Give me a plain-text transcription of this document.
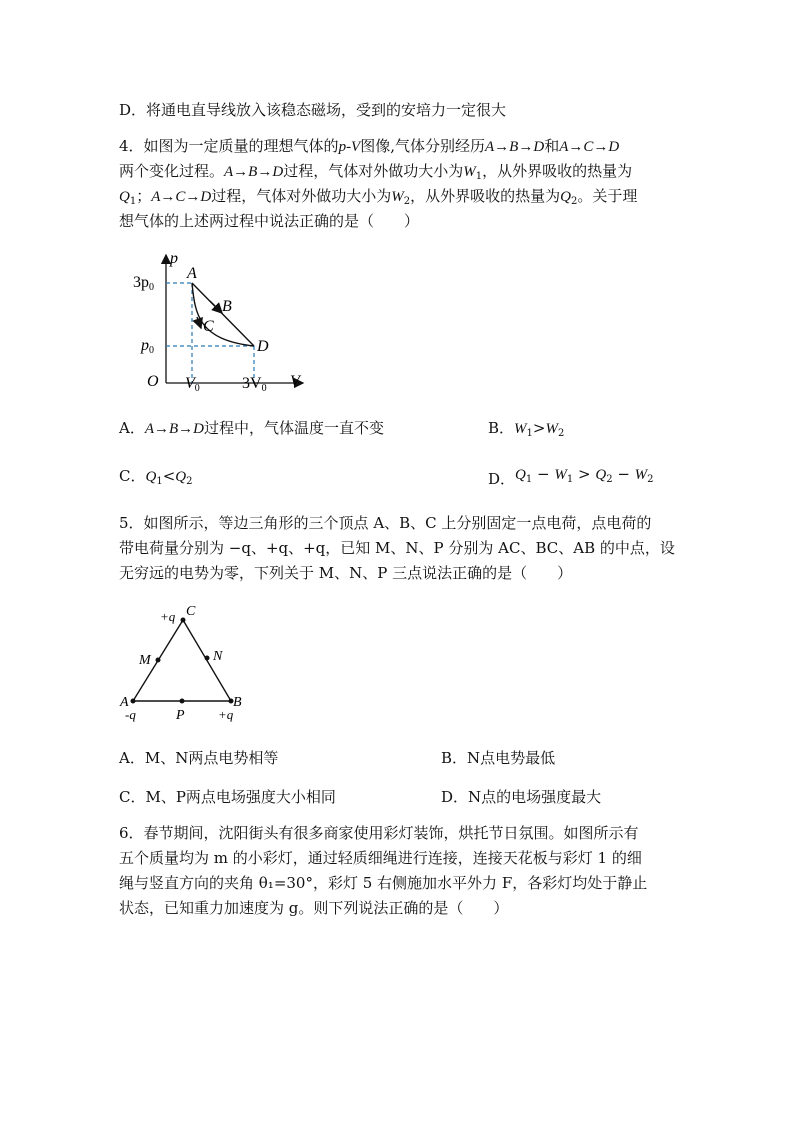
D．将通电直导线放入该稳态磁场，受到的安培力一定很大
4．如图为一定质量的理想气体的p-V图像,气体分别经历A→B→D和A→C→D
两个变化过程。A→B→D过程，气体对外做功大小为$W_1$，从外界吸收的热量为
$Q_1$；A→C→D过程，气体对外做功大小为$W_2$，从外界吸收的热量为$Q_2$。关于理
想气体的上述两过程中说法正确的是（　　）
p
V
O
3p0
p0
V0	3V0
A
B
C
D
A．A→B→D过程中，气体温度一直不变	B．$W_1>W_2$
C．$Q_1<Q_2$	D．$Q_1 - W_1 > Q_2 - W_2$
5．如图所示，等边三角形的三个顶点 A、B、C 上分别固定一点电荷，点电荷的
带电荷量分别为 −q、+q、+q，已知 M、N、P 分别为 AC、BC、AB 的中点，设
无穷远的电势为零，下列关于 M、N、P 三点说法正确的是（　　）
+q C
M	N
A
-q	P
B
+q
A．M、N两点电势相等	B．N点电势最低
C．M、P两点电场强度大小相同	D．N点的电场强度最大
6．春节期间，沈阳街头有很多商家使用彩灯装饰，烘托节日氛围。如图所示有
五个质量均为 m 的小彩灯，通过轻质细绳进行连接，连接天花板与彩灯 1 的细
绳与竖直方向的夹角 θ₁=30°，彩灯 5 右侧施加水平外力 F，各彩灯均处于静止
状态，已知重力加速度为 g。则下列说法正确的是（　　）
